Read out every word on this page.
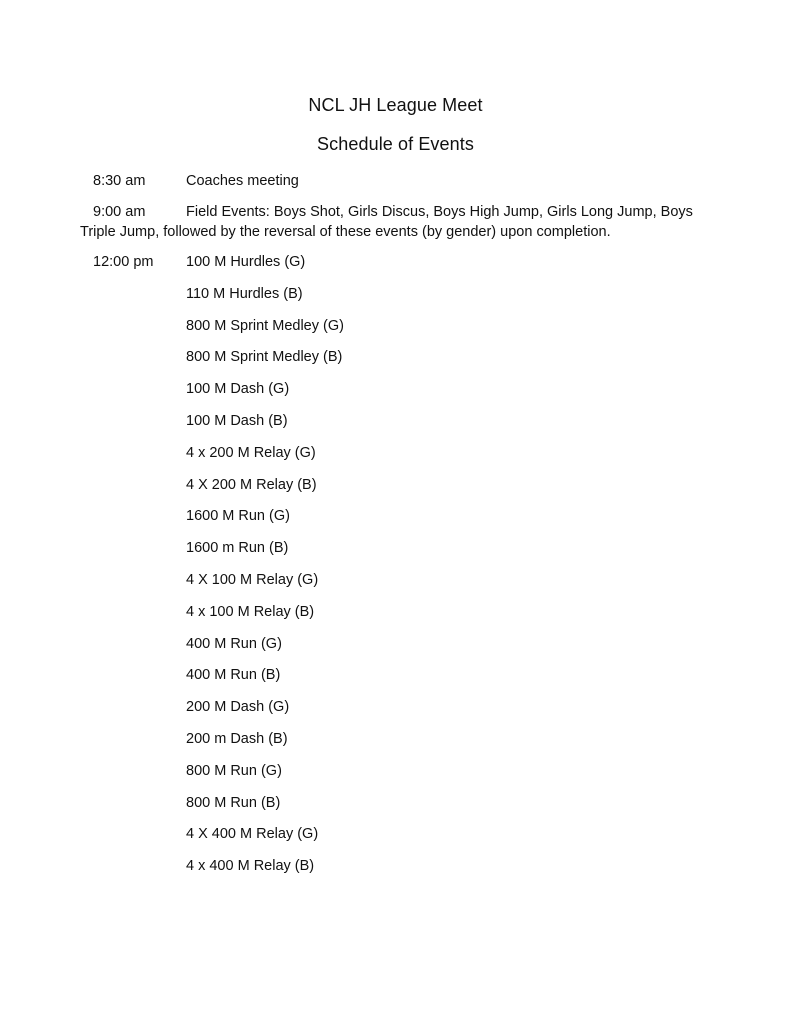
NCL JH League Meet
Schedule of Events
8:30 am	Coaches meeting
9:00 am	Field Events: Boys Shot, Girls Discus, Boys High Jump, Girls Long Jump, Boys
Triple Jump, followed by the reversal of these events (by gender) upon completion.
12:00 pm 100 M Hurdles (G)
110 M Hurdles (B)
800 M Sprint Medley (G)
800 M Sprint Medley (B)
100 M Dash (G)
100 M Dash (B)
4 x 200 M Relay (G)
4 X 200 M Relay (B)
1600 M Run (G)
1600 m Run (B)
4 X 100 M Relay (G)
4 x 100 M Relay (B)
400 M Run (G)
400 M Run (B)
200 M Dash (G)
200 m Dash (B)
800 M Run (G)
800 M Run (B)
4 X 400 M Relay (G)
4 x 400 M Relay (B)
